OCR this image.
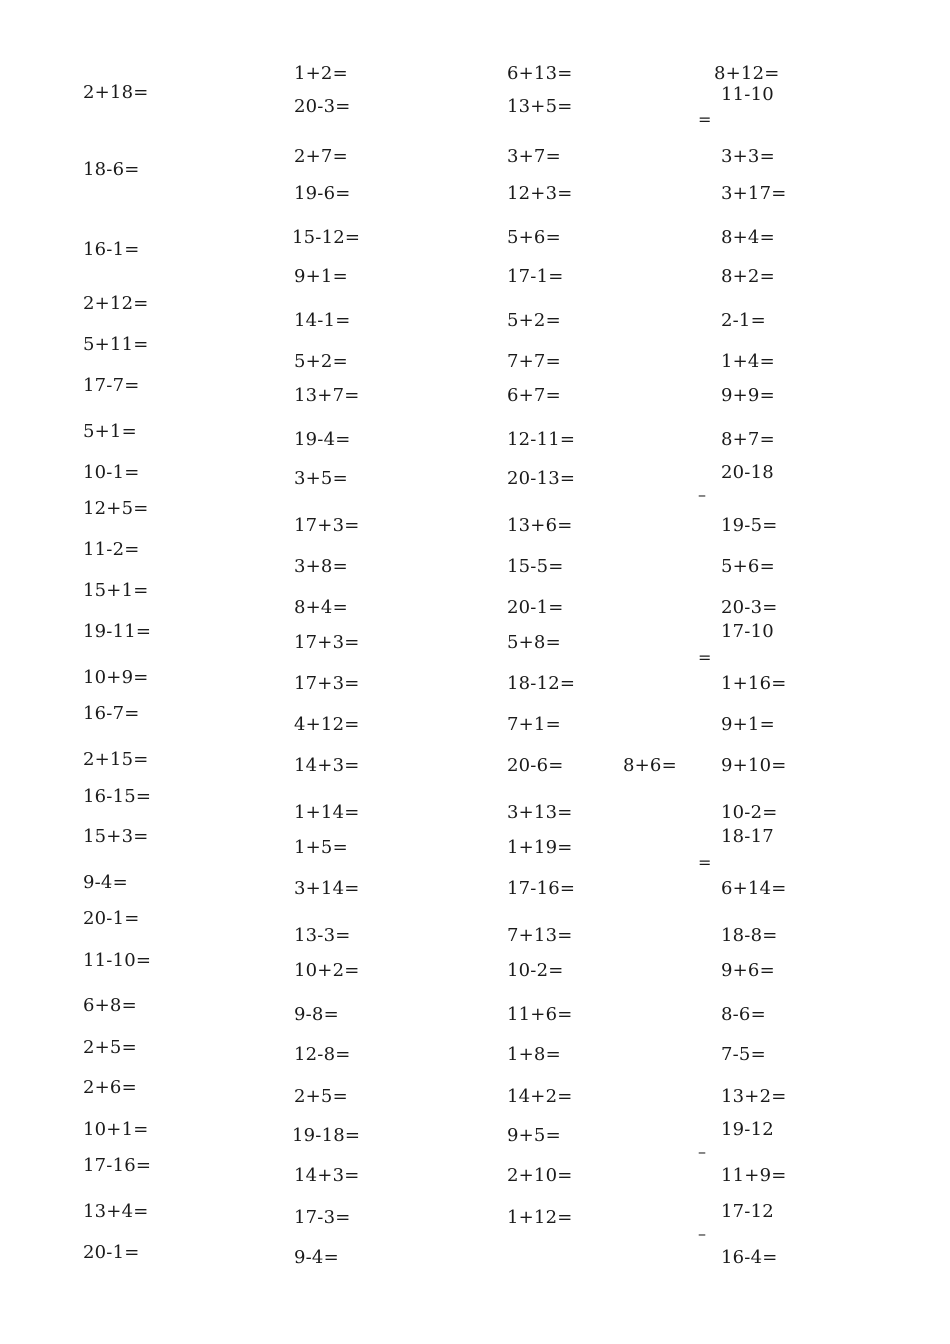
2+18=
18-6=
16-1=
2+12=
5+11=
17-7=
5+1=
10-1=
12+5=
11-2=
15+1=
19-11=
10+9=
16-7=
2+15=
16-15=
15+3=
9-4=
20-1=
11-10=
6+8=
2+5=
2+6=
10+1=
17-16=
13+4=
20-1=
1+2=
20-3=
2+7=
19-6=
15-12=
9+1=
14-1=
5+2=
13+7=
19-4=
3+5=
17+3=
3+8=
8+4=
17+3=
17+3=
4+12=
14+3=
1+14=
1+5=
3+14=
13-3=
10+2=
9-8=
12-8=
2+5=
19-18=
14+3=
17-3=
9-4=
6+13=
13+5=
3+7=
12+3=
5+6=
17-1=
5+2=
7+7=
6+7=
12-11=
20-13=
13+6=
15-5=
20-1=
5+8=
18-12=
7+1=
20-6=
3+13=
1+19=
17-16=
7+13=
10-2=
11+6=
1+8=
14+2=
9+5=
2+10=
1+12=
8+6=
8+12=
11-10
=
3+3=
3+17=
8+4=
8+2=
2-1=
1+4=
9+9=
8+7=
20-18
–
19-5=
5+6=
20-3=
17-10
=
1+16=
9+1=
9+10=
10-2=
18-17
=
6+14=
18-8=
9+6=
8-6=
7-5=
13+2=
19-12
–
11+9=
17-12
–
16-4=
